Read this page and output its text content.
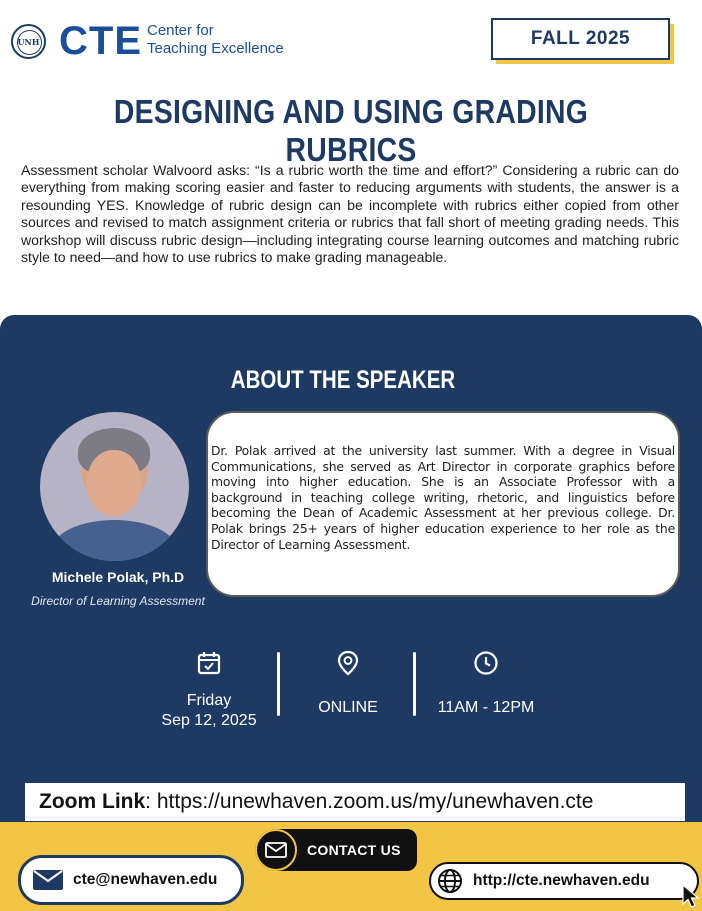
UNH CTE Center for
Teaching Excellence	FALL 2025
DESIGNING AND USING GRADING RUBRICS

Assessment scholar Walvoord asks: “Is a rubric worth the time and effort?” Considering a rubric can do everything from making scoring easier and faster to reducing arguments with students, the answer is a resounding YES. Knowledge of rubric design can be incomplete with rubrics either copied from other sources and revised to match assignment criteria or rubrics that fall short of meeting grading needs. This workshop will discuss rubric design—including integrating course learning outcomes and matching rubric style to need—and how to use rubrics to make grading manageable.

ABOUT THE SPEAKER
Michele Polak, Ph.D
Director of Learning Assessment

Dr. Polak arrived at the university last summer. With a degree in Visual Communications, she served as Art Director in corporate graphics before moving into higher education. She is an Associate Professor with a background in teaching college writing, rhetoric, and linguistics before becoming the Dean of Academic Assessment at her previous college. Dr. Polak brings 25+ years of higher education experience to her role as the Director of Learning Assessment.

Friday
Sep 12, 2025
ONLINE	11AM - 12PM
Zoom Link :
https://unewhaven.zoom.us/my/unewhaven.cte
CONTACT US
cte@newhaven.edu	http://cte.newhaven.edu
